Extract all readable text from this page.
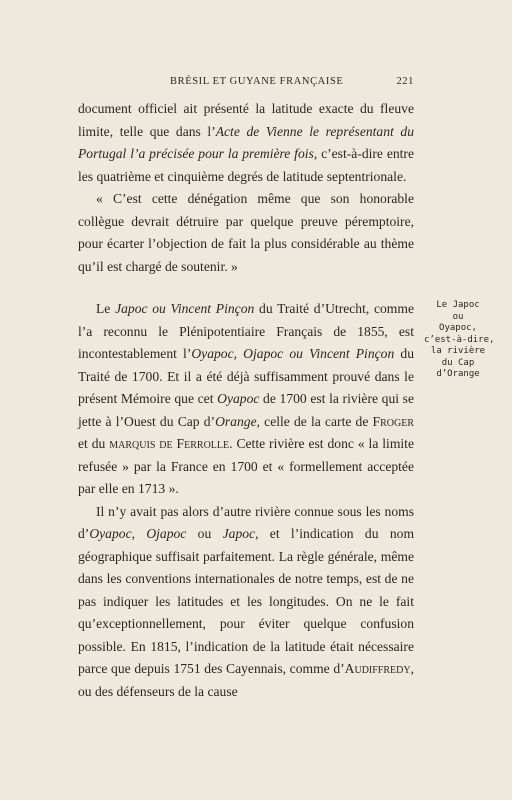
BRÉSIL ET GUYANE FRANÇAISE	221

document officiel ait présenté la latitude exacte du fleuve limite, telle que dans l’Acte de Vienne le représentant du Portugal l’a précisée pour la première fois, c’est-à-dire entre les quatrième et cinquième degrés de latitude septentrionale.

« C’est cette dénégation même que son honorable collègue devrait détruire par quelque preuve péremptoire, pour écarter l’objection de fait la plus considérable au thème qu’il est chargé de soutenir. »

Le Japoc ou Vincent Pinçon du Traité d’Utrecht, comme l’a reconnu le Plénipotentiaire Français de 1855, est incontestablement l’Oyapoc, Ojapoc ou Vincent Pinçon du Traité de 1700. Et il a été déjà suffisamment prouvé dans le présent Mémoire que cet Oyapoc de 1700 est la rivière qui se jette à l’Ouest du Cap d’Orange, celle de la carte de Froger et du marquis de Ferrolle. Cette rivière est donc « la limite refusée » par la France en 1700 et « formellement acceptée par elle en 1713 ».

Il n’y avait pas alors d’autre rivière connue sous les noms d’Oyapoc, Ojapoc ou Japoc, et l’indication du nom géographique suffisait parfaitement. La règle générale, même dans les conventions internationales de notre temps, est de ne pas indiquer les latitudes et les longitudes. On ne le fait qu’exceptionnellement, pour éviter quelque confusion possible. En 1815, l’indication de la latitude était nécessaire parce que depuis 1751 des Cayennais, comme d’Audiffredy, ou des défenseurs de la cause

Le Japoc
ou
Oyapoc,
c’est-à-dire,
la rivière
du Cap
d’Orange
